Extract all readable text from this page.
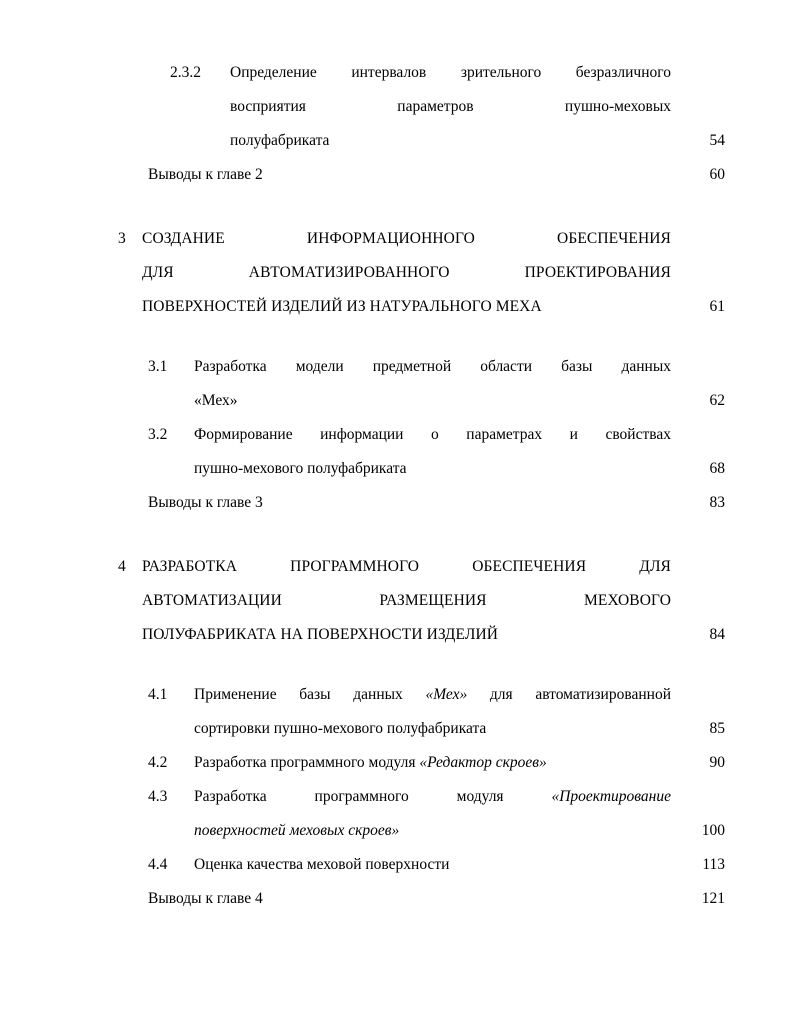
2.3.2	Определение интервалов зрительного безразличного
восприятия параметров пушно-меховых
полуфабриката	54
Выводы к главе 2	60
3	СОЗДАНИЕ ИНФОРМАЦИОННОГО ОБЕСПЕЧЕНИЯ
ДЛЯ АВТОМАТИЗИРОВАННОГО ПРОЕКТИРОВАНИЯ
ПОВЕРХНОСТЕЙ ИЗДЕЛИЙ ИЗ НАТУРАЛЬНОГО МЕХА	61
3.1	Разработка модели предметной области базы данных
«Мех»	62
3.2	Формирование информации о параметрах и свойствах
пушно-мехового полуфабриката	68
Выводы к главе 3	83
4	РАЗРАБОТКА ПРОГРАММНОГО ОБЕСПЕЧЕНИЯ ДЛЯ
АВТОМАТИЗАЦИИ РАЗМЕЩЕНИЯ МЕХОВОГО
ПОЛУФАБРИКАТА НА ПОВЕРХНОСТИ ИЗДЕЛИЙ	84
4.1	Применение  базы  данных  «Мех»  для  автоматизированной
сортировки пушно-мехового полуфабриката	85
4.2	Разработка программного модуля «Редактор скроев»	90
4.3	Разработка      программного      модуля      «Проектирование
поверхностей меховых скроев»	100
4.4	Оценка качества меховой поверхности	113
Выводы к главе 4	121
